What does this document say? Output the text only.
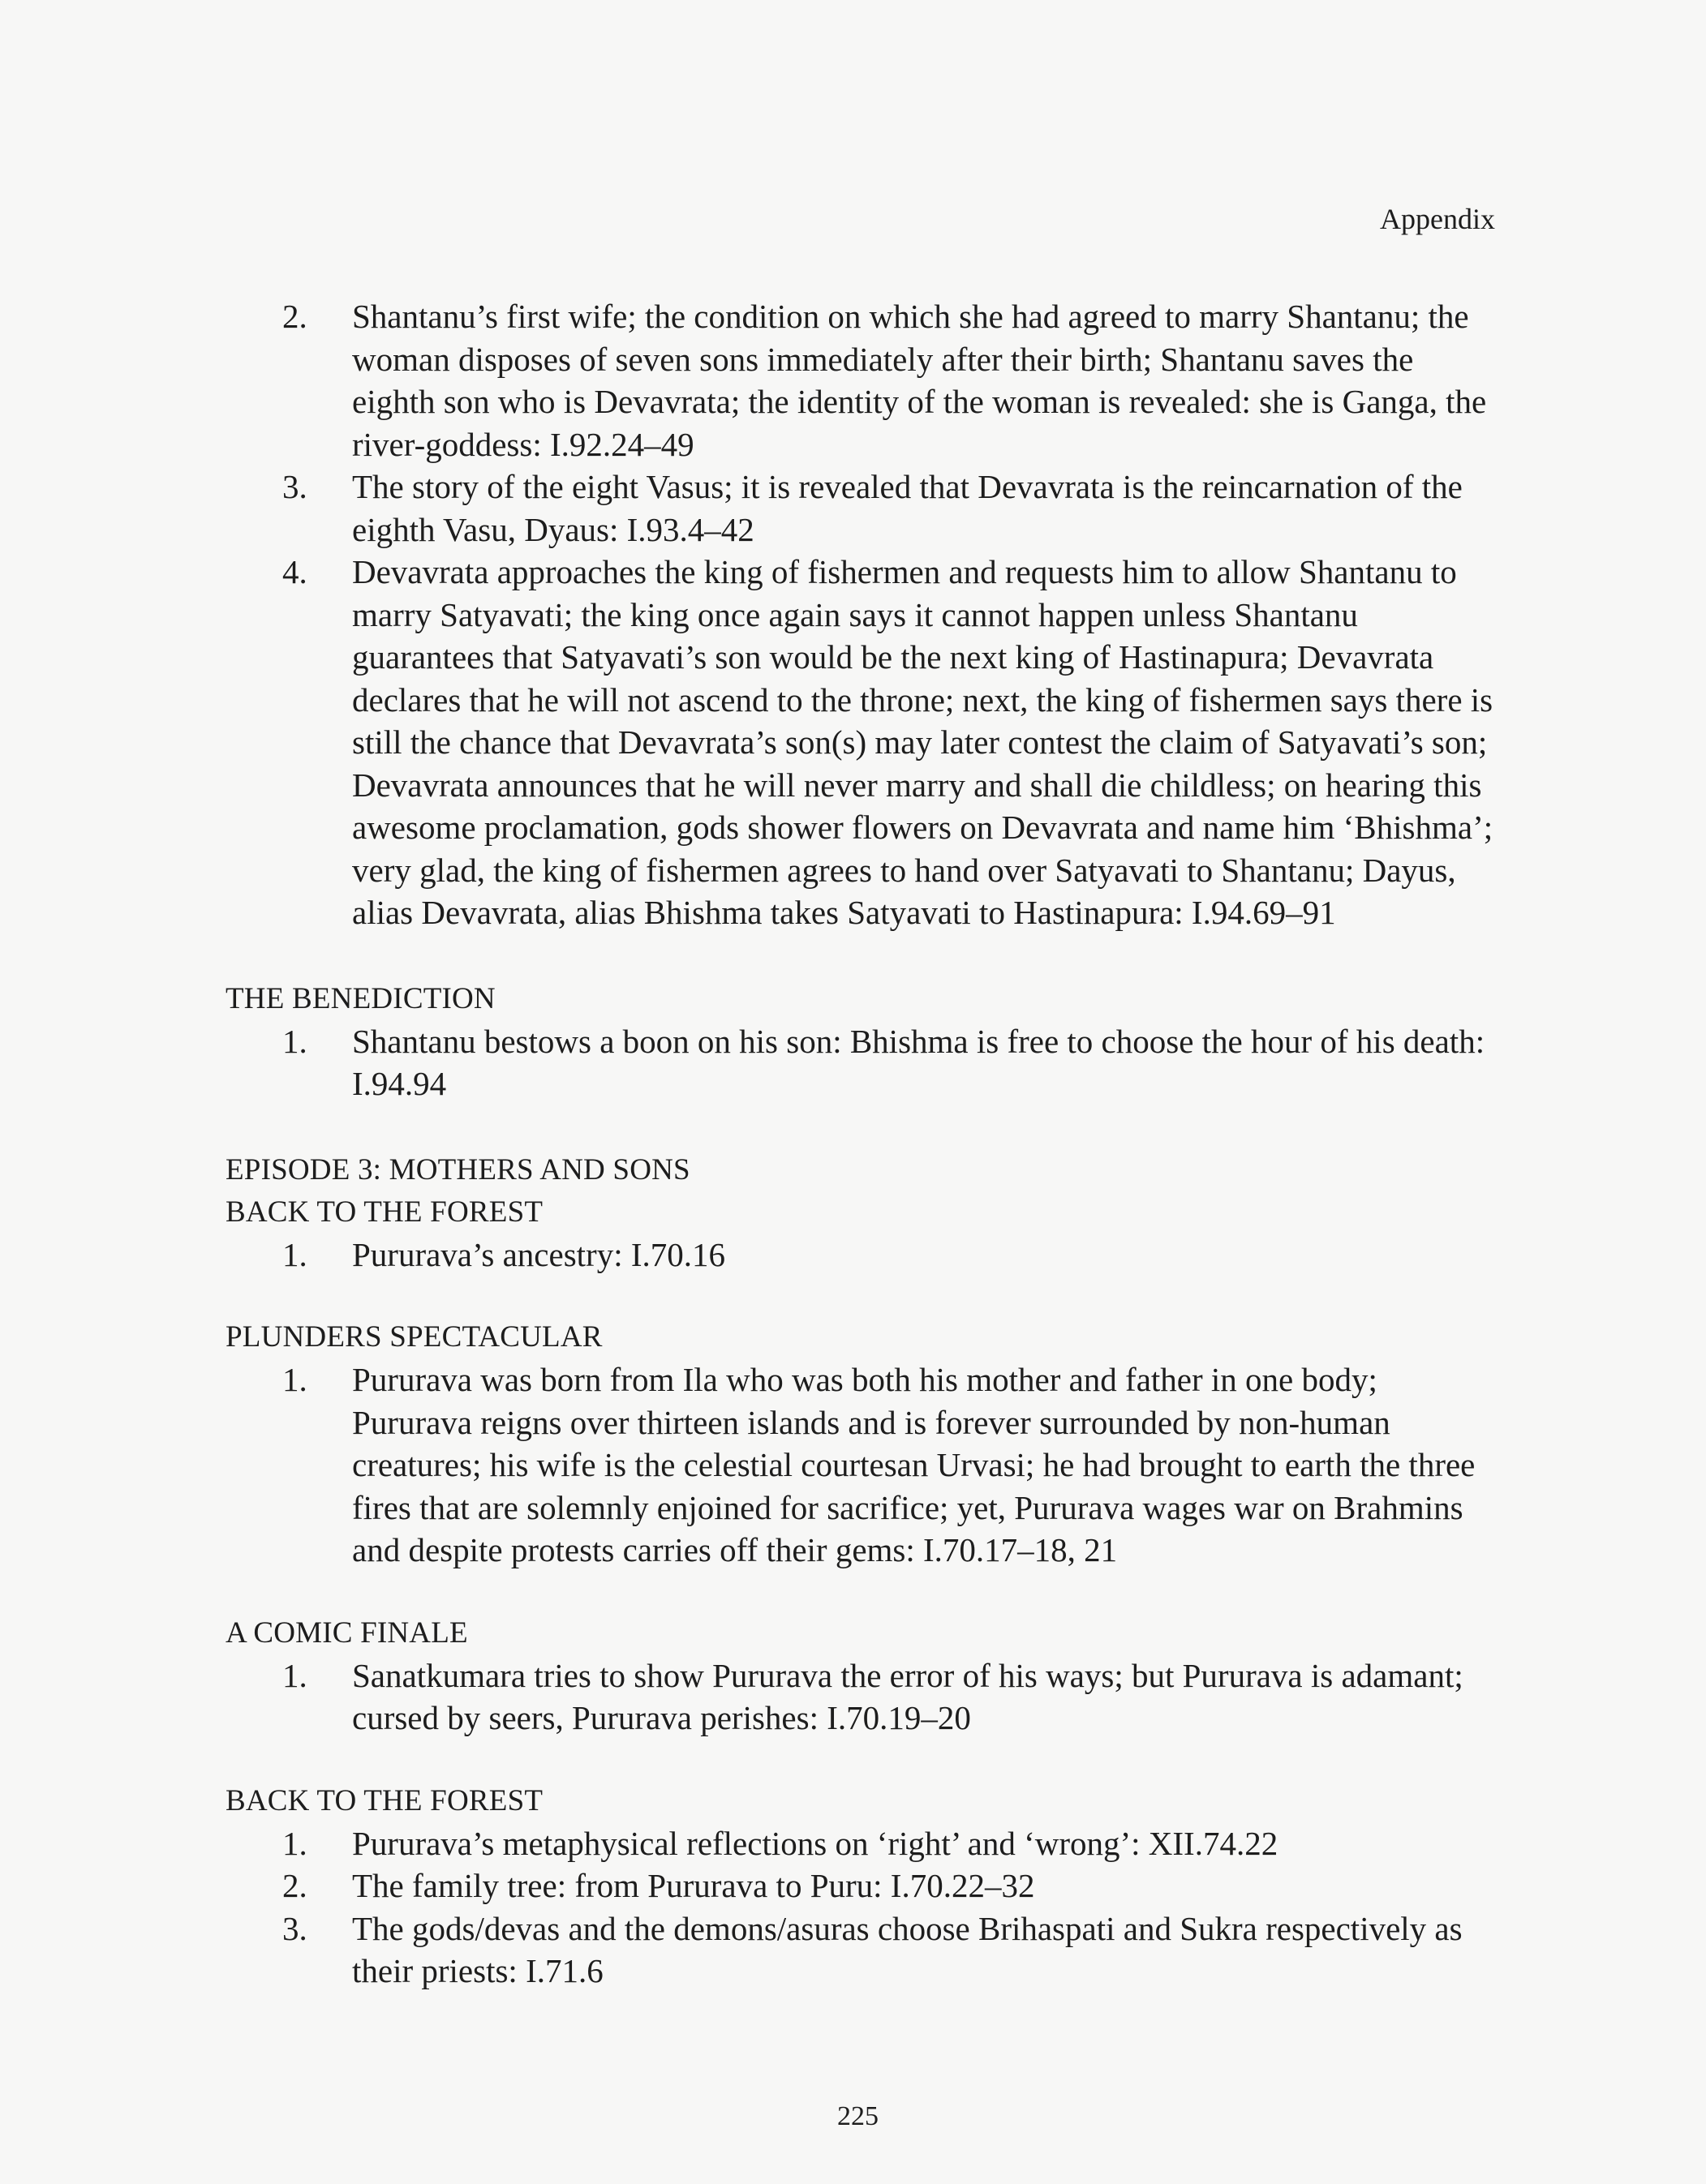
Appendix
2.	Shantanu’s first wife; the condition on which she had agreed to marry Shantanu; the woman disposes of seven sons immediately after their birth; Shantanu saves the eighth son who is Devavrata; the identity of the woman is revealed: she is Ganga, the river-goddess: I.92.24–49
3.	The story of the eight Vasus; it is revealed that Devavrata is the reincarnation of the eighth Vasu, Dyaus: I.93.4–42
4.	Devavrata approaches the king of fishermen and requests him to allow Shantanu to marry Satyavati; the king once again says it cannot happen unless Shantanu guarantees that Satyavati’s son would be the next king of Hastinapura; Devavrata declares that he will not ascend to the throne; next, the king of fishermen says there is still the chance that Devavrata’s son(s) may later contest the claim of Satyavati’s son; Devavrata announces that he will never marry and shall die childless; on hearing this awesome proclamation, gods shower flowers on Devavrata and name him ‘Bhishma’; very glad, the king of fishermen agrees to hand over Satyavati to Shantanu; Dayus, alias Devavrata, alias Bhishma takes Satyavati to Hastinapura: I.94.69–91
THE BENEDICTION
1.	Shantanu bestows a boon on his son: Bhishma is free to choose the hour of his death: I.94.94
EPISODE 3: MOTHERS AND SONS
BACK TO THE FOREST
1.	Pururava’s ancestry: I.70.16
PLUNDERS SPECTACULAR
1.	Pururava was born from Ila who was both his mother and father in one body; Pururava reigns over thirteen islands and is forever surrounded by non-human creatures; his wife is the celestial courtesan Urvasi; he had brought to earth the three fires that are solemnly enjoined for sacrifice; yet, Pururava wages war on Brahmins and despite protests carries off their gems: I.70.17–18, 21
A COMIC FINALE
1.	Sanatkumara tries to show Pururava the error of his ways; but Pururava is adamant; cursed by seers, Pururava perishes: I.70.19–20
BACK TO THE FOREST
1.	Pururava’s metaphysical reflections on ‘right’ and ‘wrong’: XII.74.22
2.	The family tree: from Pururava to Puru: I.70.22–32
3.	The gods/devas and the demons/asuras choose Brihaspati and Sukra respectively as their priests: I.71.6
225
